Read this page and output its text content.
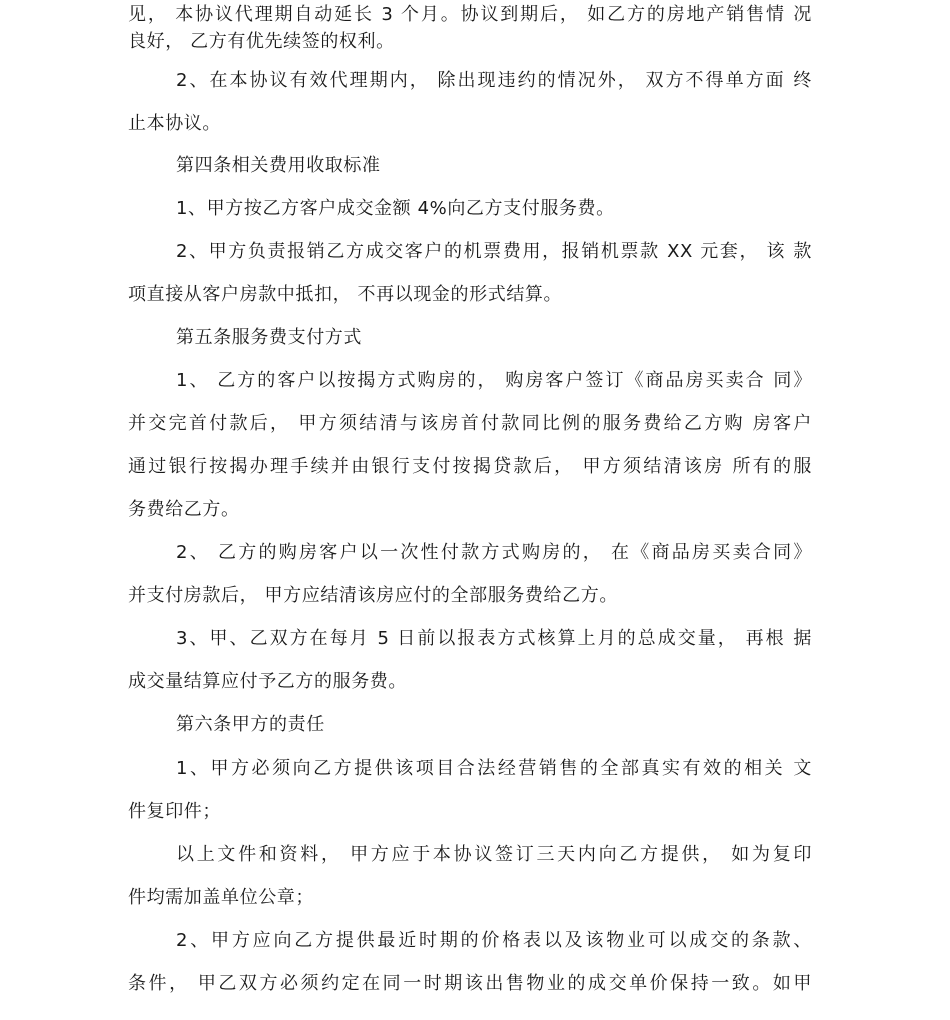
见， 本协议代理期自动延长 3 个月。协议到期后， 如乙方的房地产销售情 况
良好， 乙方有优先续签的权利。
2、在本协议有效代理期内， 除出现违约的情况外， 双方不得单方面 终
止本协议。
第四条相关费用收取标准
1、甲方按乙方客户成交金额 4%向乙方支付服务费。
2、甲方负责报销乙方成交客户的机票费用，报销机票款 XX 元套， 该 款
项直接从客户房款中抵扣， 不再以现金的形式结算。
第五条服务费支付方式
1、 乙方的客户以按揭方式购房的， 购房客户签订《商品房买卖合 同》
并交完首付款后， 甲方须结清与该房首付款同比例的服务费给乙方购 房客户
通过银行按揭办理手续并由银行支付按揭贷款后， 甲方须结清该房 所有的服
务费给乙方。
2、 乙方的购房客户以一次性付款方式购房的， 在《商品房买卖合同》
并支付房款后， 甲方应结清该房应付的全部服务费给乙方。
3、甲、乙双方在每月 5 日前以报表方式核算上月的总成交量， 再根 据
成交量结算应付予乙方的服务费。
第六条甲方的责任
1、甲方必须向乙方提供该项目合法经营销售的全部真实有效的相关 文
件复印件；
以上文件和资料， 甲方应于本协议签订三天内向乙方提供， 如为复印
件均需加盖单位公章；
2、甲方应向乙方提供最近时期的价格表以及该物业可以成交的条款、
条件， 甲乙双方必须约定在同一时期该出售物业的成交单价保持一致。如甲
